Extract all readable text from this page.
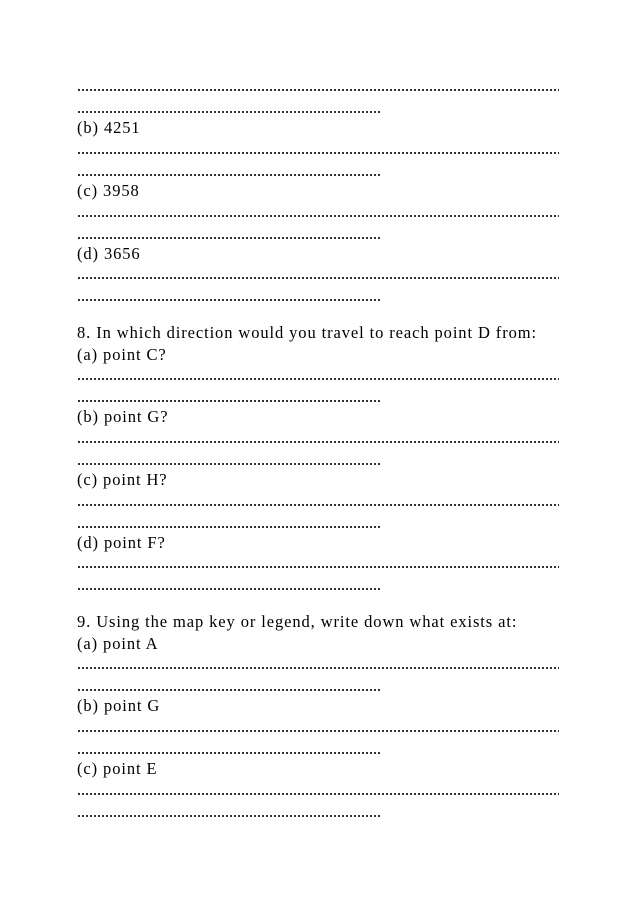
(b) 4251
(c) 3958
(d) 3656
8. In which direction would you travel to reach point D from:
(a) point C?
(b) point G?
(c) point H?
(d) point F?
9. Using the map key or legend, write down what exists at:
(a) point A
(b) point G
(c) point E
